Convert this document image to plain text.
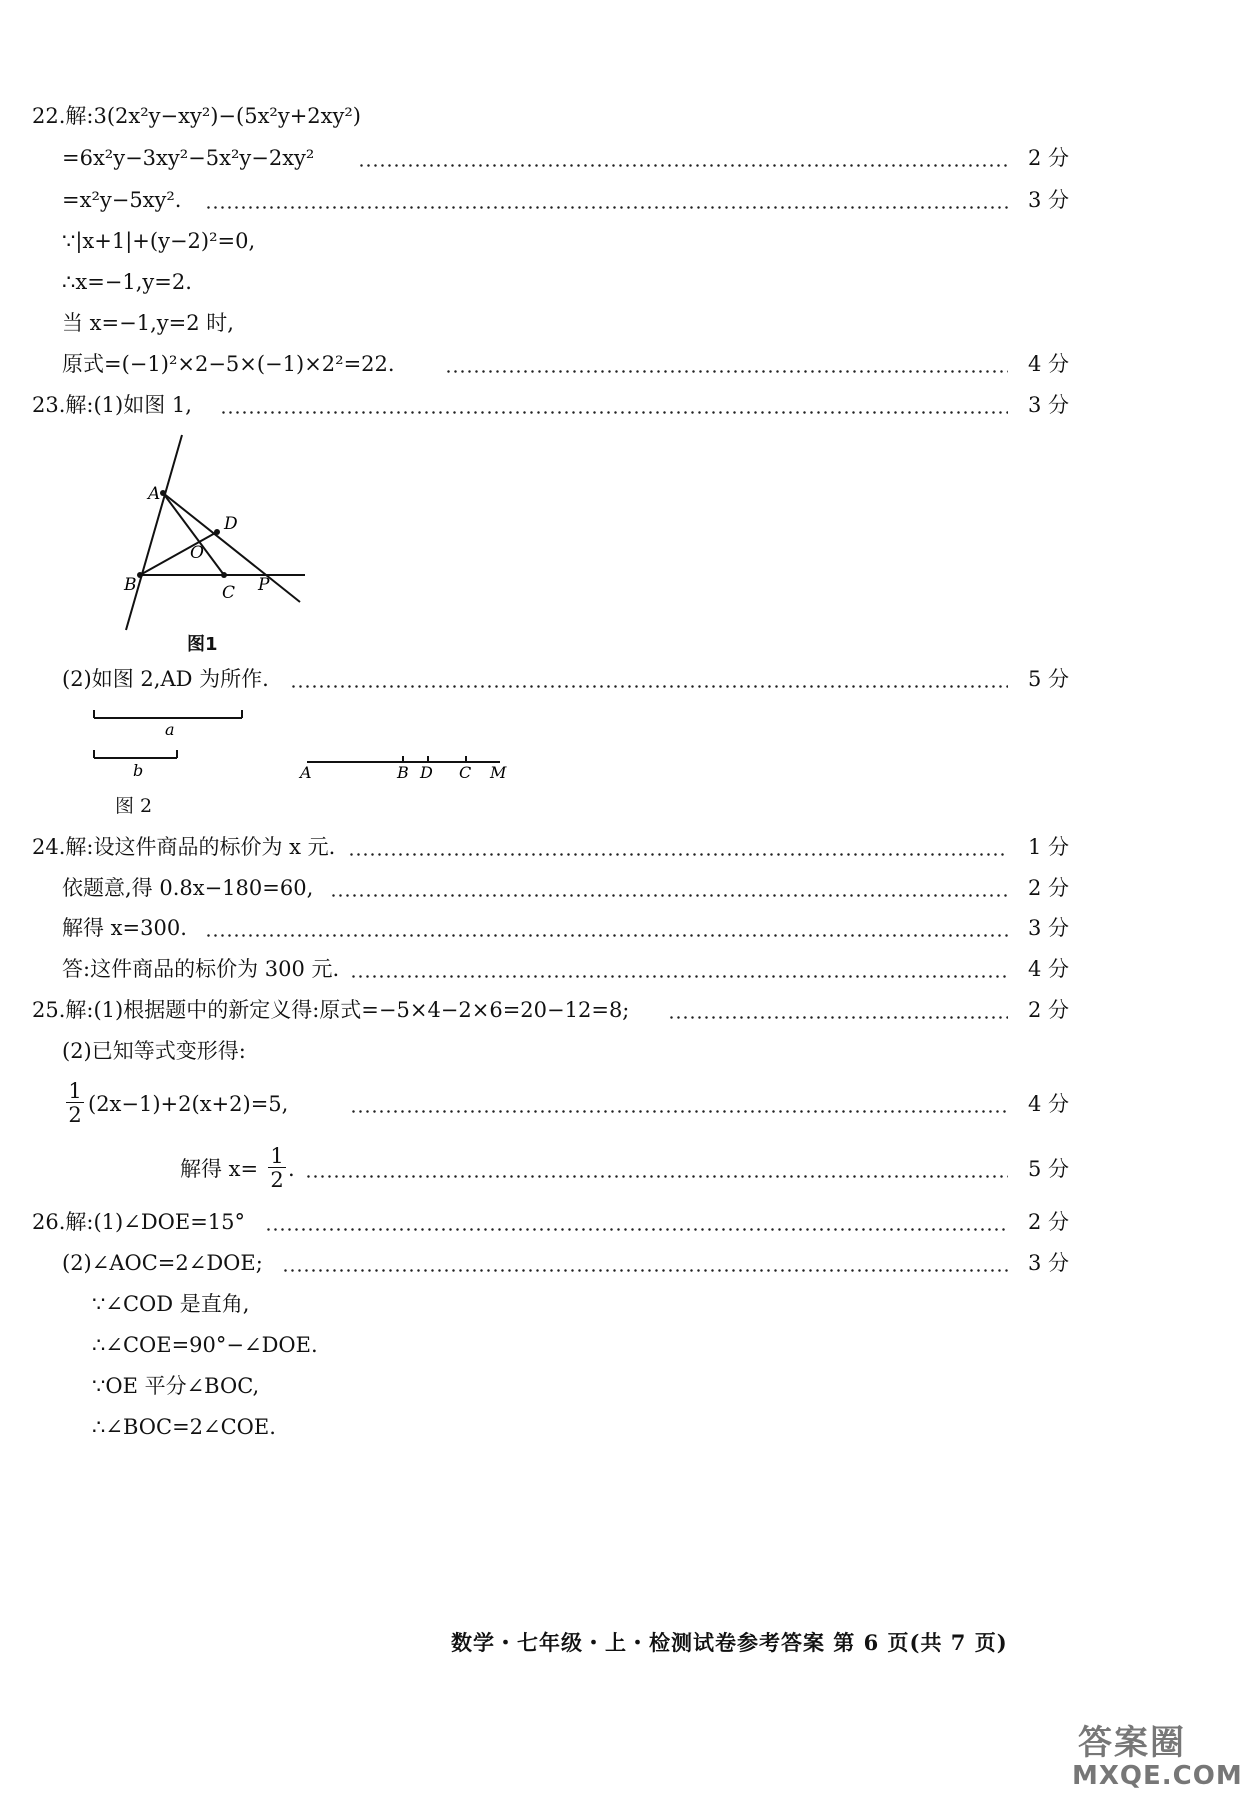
22.解:3(2x²y−xy²)−(5x²y+2xy²)
=6x²y−3xy²−5x²y−2xy²	2 分
=x²y−5xy².	3 分
∵|x+1|+(y−2)²=0,
∴x=−1,y=2.
当 x=−1,y=2 时,
原式=(−1)²×2−5×(−1)×2²=22.	4 分
23.解:(1)如图 1,	3 分
A
D
O
B	C P
图1
(2)如图 2,AD 为所作.	5 分
a
b	A	B D C M
图 2
24.解:设这件商品的标价为 x 元.	1 分
依题意,得 0.8x−180=60,	2 分
解得 x=300.	3 分
答:这件商品的标价为 300 元.	4 分
25.解:(1)根据题中的新定义得:原式=−5×4−2×6=20−12=8;	2 分
(2)已知等式变形得:
$\frac{1}{2} (2x-1)+2(x+2)=5$,	4 分
解得 $x= \frac{1}{2}$ .	5 分
26.解:(1)∠DOE=15°	2 分
(2)∠AOC=2∠DOE;	3 分
∵∠COD 是直角,
∴∠COE=90°−∠DOE.
∵OE 平分∠BOC,
∴∠BOC=2∠COE.
数学・七年级・上・检测试卷参考答案 第 6 页(共 7 页)
答案圈
MXQE.COM
